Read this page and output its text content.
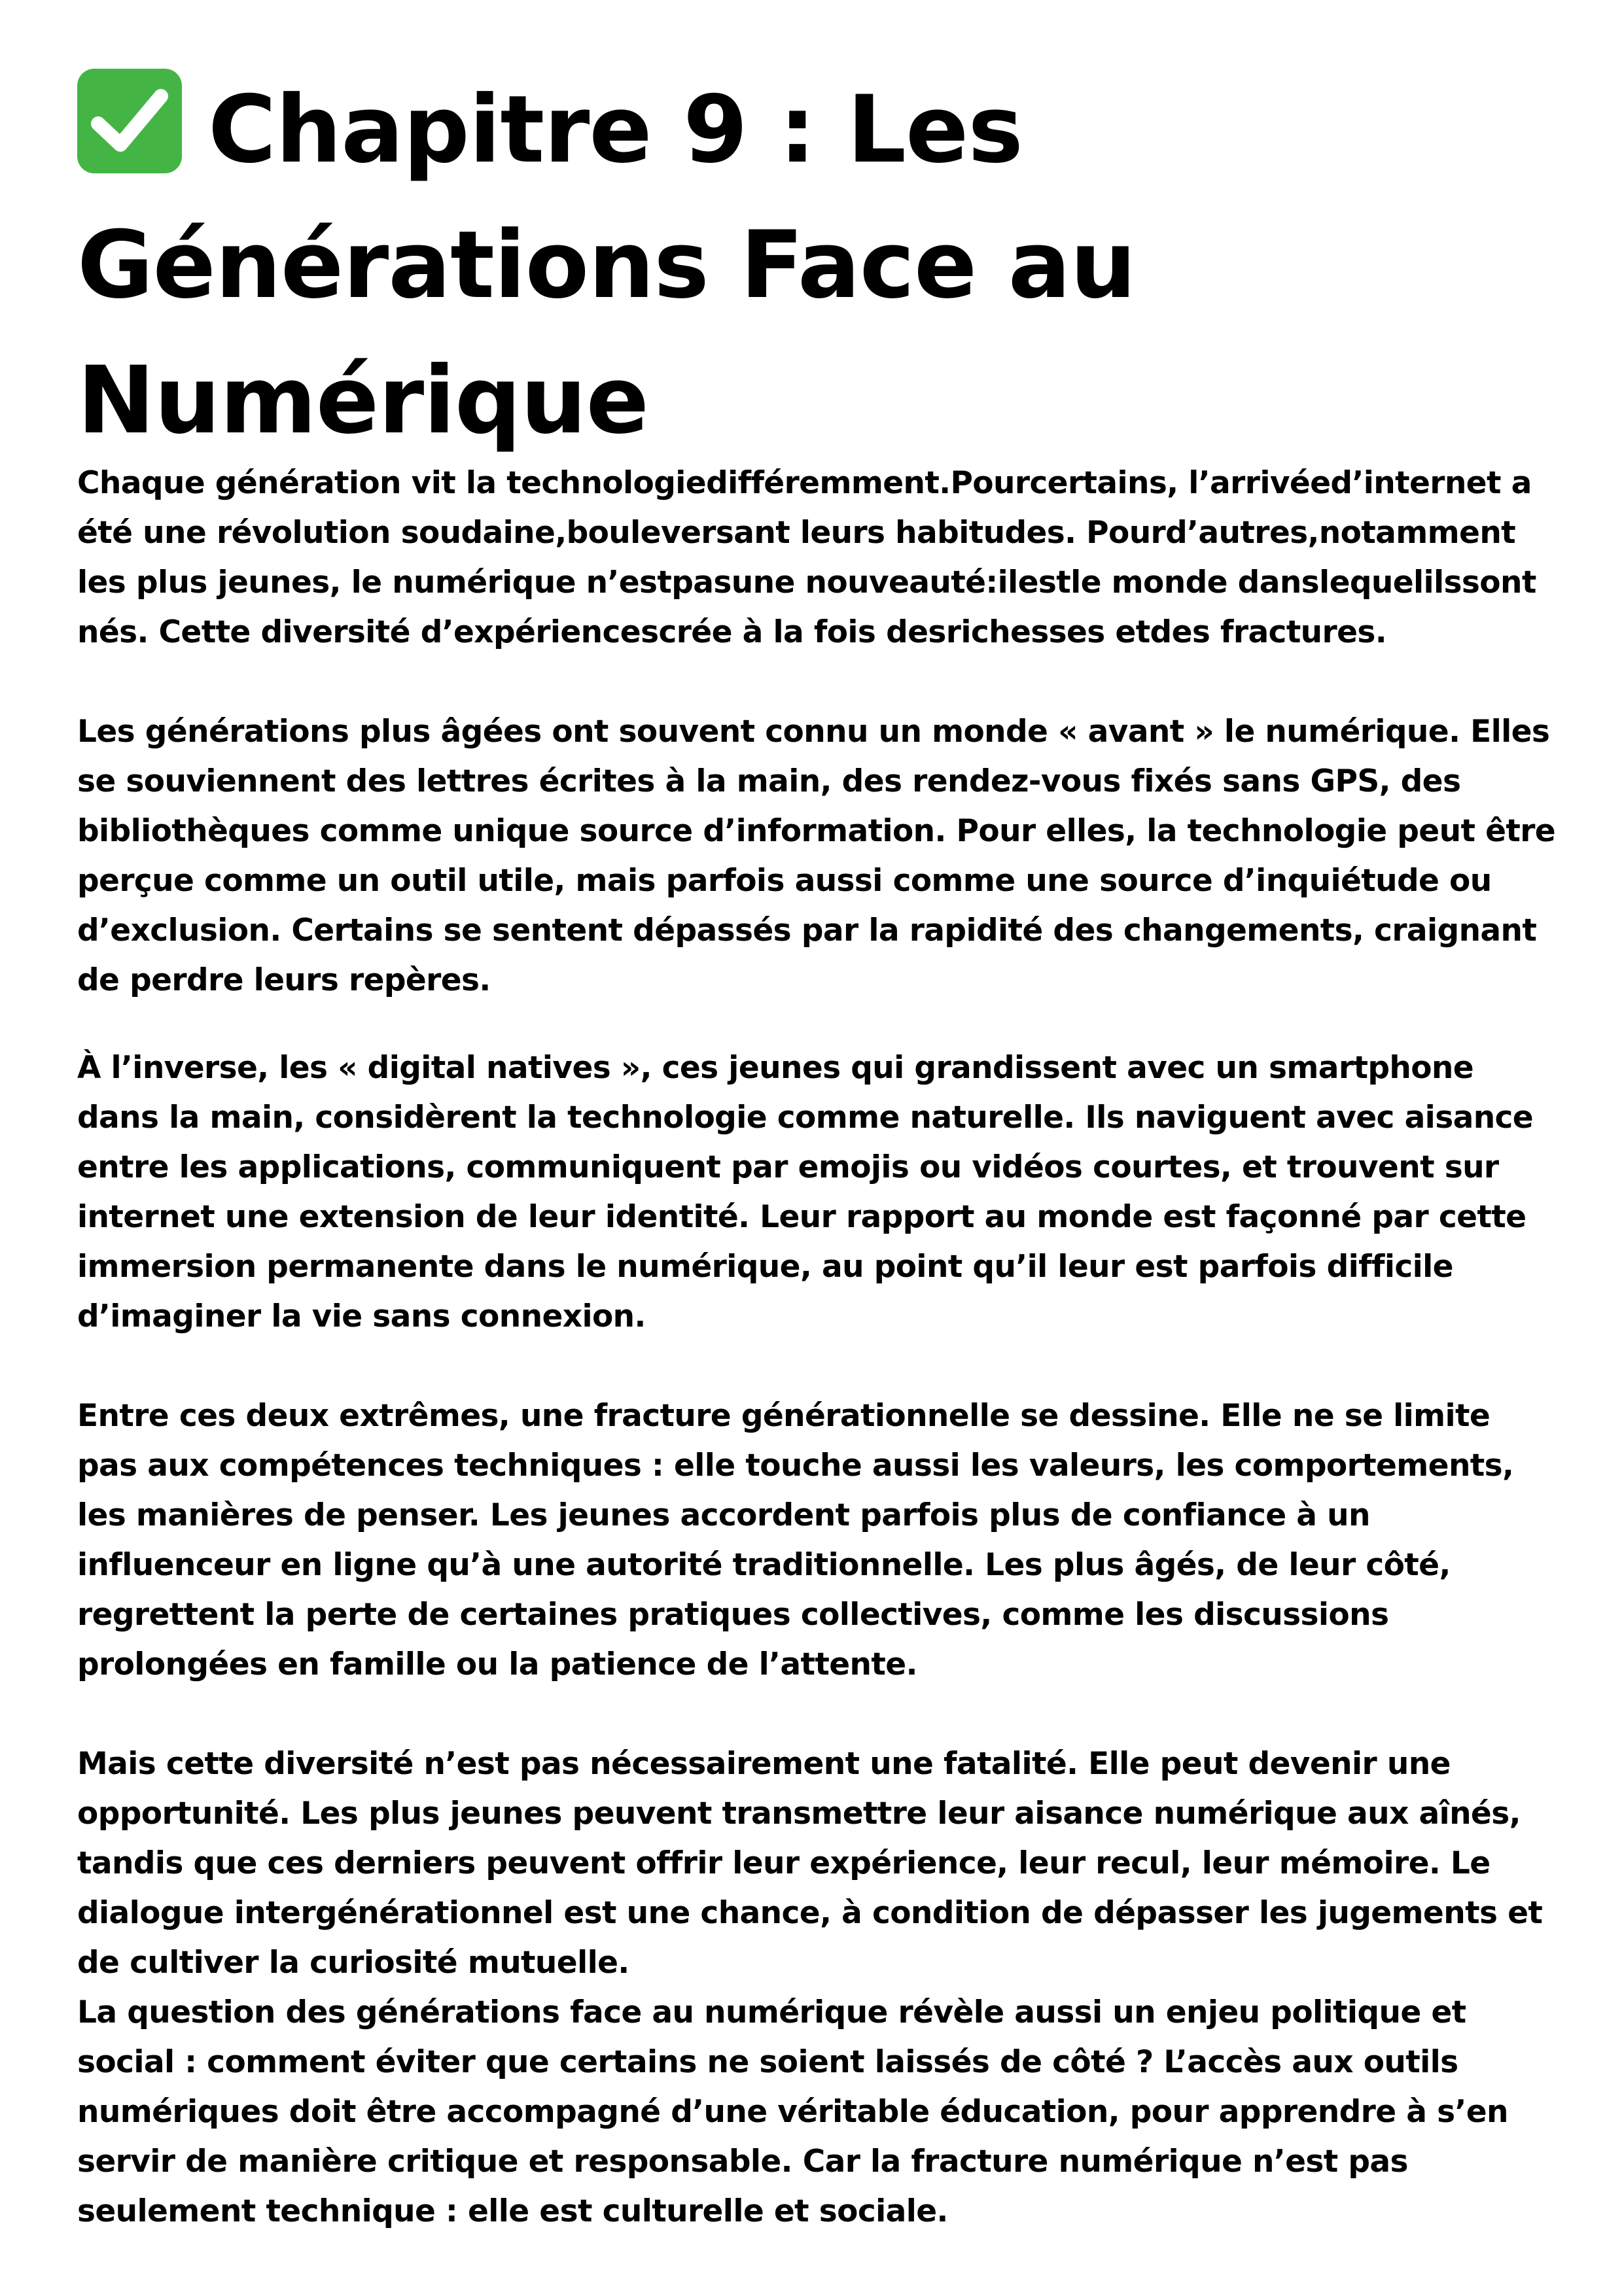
Chapitre 9 : Les Générations Face au Numérique

Chaque génération vit la technologiedifféremment.Pourcertains, l’arrivéed’internet a été une révolution soudaine,bouleversant leurs habitudes. Pourd’autres,notamment les plus jeunes, le numérique n’estpasune nouveauté:ilestle monde danslequelilssont nés. Cette diversité d’expériencescrée à la fois desrichesses etdes fractures.

Les générations plus âgées ont souvent connu un monde « avant » le numérique. Elles se souviennent des lettres écrites à la main, des rendez-vous fixés sans GPS, des bibliothèques comme unique source d’information. Pour elles, la technologie peut être perçue comme un outil utile, mais parfois aussi comme une source d’inquiétude ou d’exclusion. Certains se sentent dépassés par la rapidité des changements, craignant de perdre leurs repères.

À l’inverse, les « digital natives », ces jeunes qui grandissent avec un smartphone dans la main, considèrent la technologie comme naturelle. Ils naviguent avec aisance entre les applications, communiquent par emojis ou vidéos courtes, et trouvent sur internet une extension de leur identité. Leur rapport au monde est façonné par cette immersion permanente dans le numérique, au point qu’il leur est parfois difficile d’imaginer la vie sans connexion.

Entre ces deux extrêmes, une fracture générationnelle se dessine. Elle ne se limite pas aux compétences techniques : elle touche aussi les valeurs, les comportements, les manières de penser. Les jeunes accordent parfois plus de confiance à un influenceur en ligne qu’à une autorité traditionnelle. Les plus âgés, de leur côté, regrettent la perte de certaines pratiques collectives, comme les discussions prolongées en famille ou la patience de l’attente.

Mais cette diversité n’est pas nécessairement une fatalité. Elle peut devenir une opportunité. Les plus jeunes peuvent transmettre leur aisance numérique aux aînés, tandis que ces derniers peuvent offrir leur expérience, leur recul, leur mémoire. Le dialogue intergénérationnel est une chance, à condition de dépasser les jugements et de cultiver la curiosité mutuelle.

La question des générations face au numérique révèle aussi un enjeu politique et social : comment éviter que certains ne soient laissés de côté ? L’accès aux outils numériques doit être accompagné d’une véritable éducation, pour apprendre à s’en servir de manière critique et responsable. Car la fracture numérique n’est pas seulement technique : elle est culturelle et sociale.
